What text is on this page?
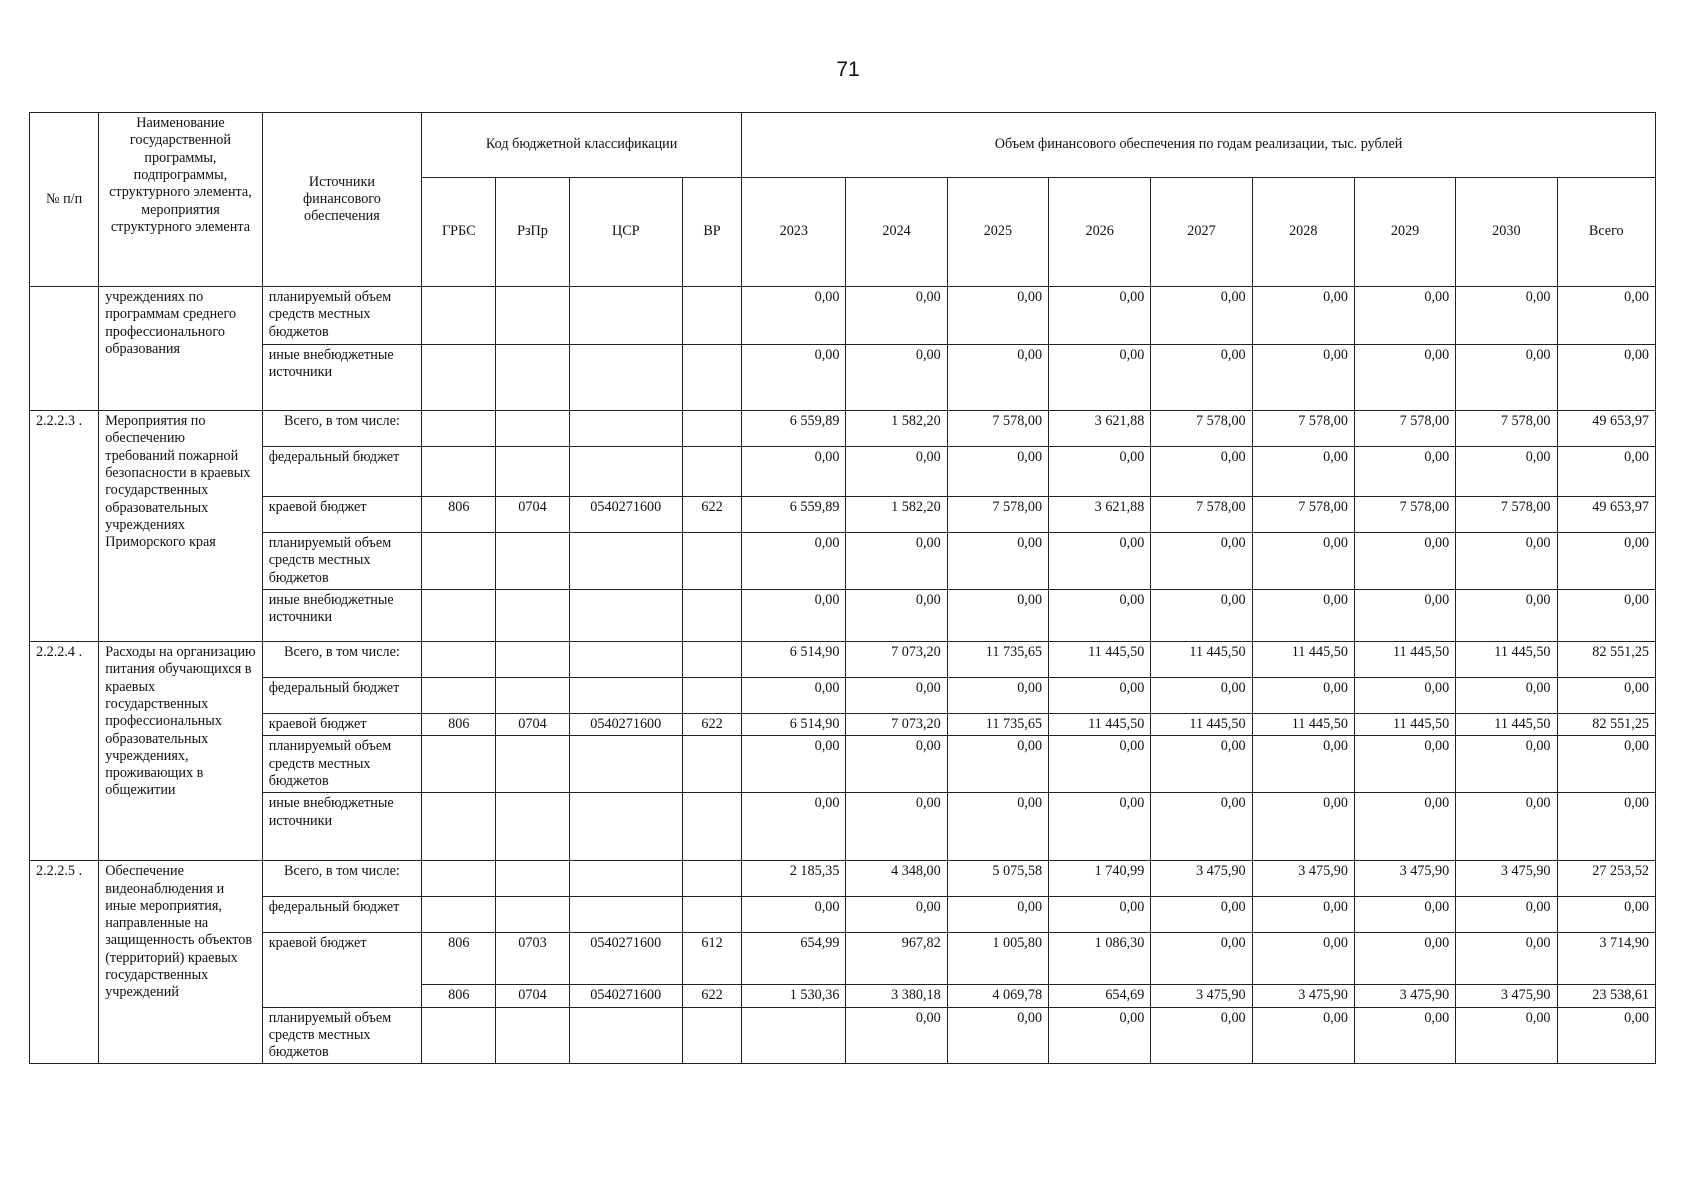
71
№ п/п	Наименование государственной программы, подпрограммы, структурного элемента, мероприятия структурного элемента	Источники финансового обеспечения	Код бюджетной классификации				Объем финансового обеспечения по годам реализации, тыс. рублей								
			ГРБС	РзПр	ЦСР	ВР	2023	2024	2025	2026	2027	2028	2029	2030	Всего
	учреждениях по программам среднего профессионального образования	планируемый объем средств местных бюджетов					0,00	0,00	0,00	0,00	0,00	0,00	0,00	0,00	0,00
		иные внебюджетные источники					0,00	0,00	0,00	0,00	0,00	0,00	0,00	0,00	0,00
2.2.2.3 .	Мероприятия по обеспечению требований пожарной безопасности в краевых государственных образовательных учреждениях Приморского края	Всего, в том числе:					6 559,89	1 582,20	7 578,00	3 621,88	7 578,00	7 578,00	7 578,00	7 578,00	49 653,97
		федеральный бюджет					0,00	0,00	0,00	0,00	0,00	0,00	0,00	0,00	0,00
		краевой бюджет	806	0704	0540271600	622	6 559,89	1 582,20	7 578,00	3 621,88	7 578,00	7 578,00	7 578,00	7 578,00	49 653,97
		планируемый объем средств местных бюджетов					0,00	0,00	0,00	0,00	0,00	0,00	0,00	0,00	0,00
		иные внебюджетные источники					0,00	0,00	0,00	0,00	0,00	0,00	0,00	0,00	0,00
2.2.2.4 .	Расходы на организацию питания обучающихся в краевых государственных профессиональных образовательных учреждениях, проживающих в общежитии	Всего, в том числе:					6 514,90	7 073,20	11 735,65	11 445,50	11 445,50	11 445,50	11 445,50	11 445,50	82 551,25
		федеральный бюджет					0,00	0,00	0,00	0,00	0,00	0,00	0,00	0,00	0,00
		краевой бюджет	806	0704	0540271600	622	6 514,90	7 073,20	11 735,65	11 445,50	11 445,50	11 445,50	11 445,50	11 445,50	82 551,25
		планируемый объем средств местных бюджетов					0,00	0,00	0,00	0,00	0,00	0,00	0,00	0,00	0,00
		иные внебюджетные источники					0,00	0,00	0,00	0,00	0,00	0,00	0,00	0,00	0,00
2.2.2.5 .	Обеспечение видеонаблюдения и иные мероприятия, направленные на защищенность объектов (территорий) краевых государственных учреждений	Всего, в том числе:					2 185,35	4 348,00	5 075,58	1 740,99	3 475,90	3 475,90	3 475,90	3 475,90	27 253,52
		федеральный бюджет					0,00	0,00	0,00	0,00	0,00	0,00	0,00	0,00	0,00
		краевой бюджет	806	0703	0540271600	612	654,99	967,82	1 005,80	1 086,30	0,00	0,00	0,00	0,00	3 714,90
			806	0704	0540271600	622	1 530,36	3 380,18	4 069,78	654,69	3 475,90	3 475,90	3 475,90	3 475,90	23 538,61
		планируемый объем средств местных бюджетов						0,00	0,00	0,00	0,00	0,00	0,00	0,00	0,00
